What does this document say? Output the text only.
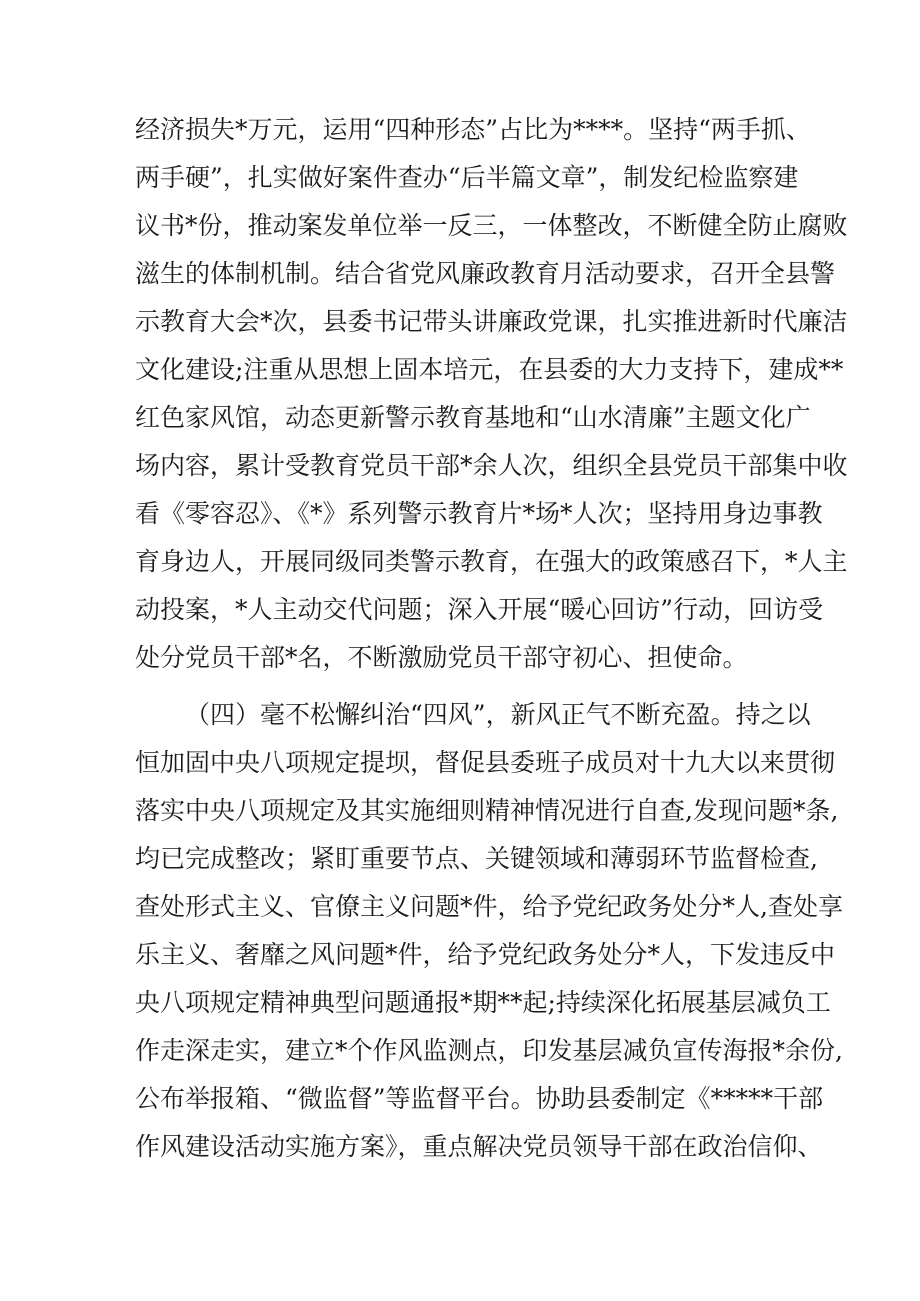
经济损失*万元，运用“四种形态”占比为****。坚持“两手抓、
两手硬”，扎实做好案件查办“后半篇文章”，制发纪检监察建
议书*份，推动案发单位举一反三，一体整改，不断健全防止腐败
滋生的体制机制。结合省党风廉政教育月活动要求，召开全县警
示教育大会*次，县委书记带头讲廉政党课，扎实推进新时代廉洁
文化建设;注重从思想上固本培元，在县委的大力支持下，建成**
红色家风馆，动态更新警示教育基地和“山水清廉”主题文化广
场内容，累计受教育党员干部*余人次，组织全县党员干部集中收
看《零容忍》、《*》系列警示教育片*场*人次；坚持用身边事教
育身边人，开展同级同类警示教育，在强大的政策感召下，*人主
动投案，*人主动交代问题；深入开展“暖心回访”行动，回访受
处分党员干部*名，不断激励党员干部守初心、担使命。
（四）毫不松懈纠治“四风”，新风正气不断充盈。持之以
恒加固中央八项规定提坝，督促县委班子成员对十九大以来贯彻
落实中央八项规定及其实施细则精神情况进行自查,发现问题*条,
均已完成整改；紧盯重要节点、关键领域和薄弱环节监督检查,
查处形式主义、官僚主义问题*件，给予党纪政务处分*人,查处享
乐主义、奢靡之风问题*件，给予党纪政务处分*人，下发违反中
央八项规定精神典型问题通报*期**起;持续深化拓展基层减负工
作走深走实，建立*个作风监测点，印发基层减负宣传海报*余份,
公布举报箱、“微监督”等监督平台。协助县委制定《*****干部
作风建设活动实施方案》，重点解决党员领导干部在政治信仰、
